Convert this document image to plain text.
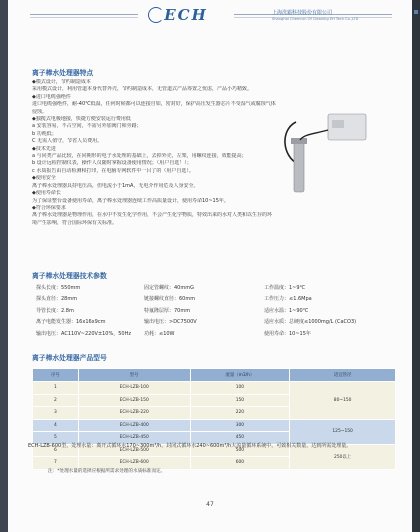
ECH	上海洗霸科技股份有限公司
Shanghai Chemrun Of Cleaning EH Tech Co.,LTD
离子棒水处理器特点
◆模式设计，节约制造成本
采用模式设计，利用管道本身代替外壳，节约制造成本，无管道式产品筹置之忧虑，产品小巧精致。
◆进口电缆强绝件
进口电缆强绝件，耐-40℃低温，任何时候都可以连接自如，密封好，保护高压发生器芯片不受湿气或腐蚀气体
侵蚀。
◆独揽式电极地接，快捷方便安装运行费用低
a 安装容易，不占空间，不需另外加阀门和旁路；
b 功耗低；
C 无需人值守，节省人员费用。
◆技术先进
a 与同类产品比较，在同期形的电子水处理的基础上，去掉外壳，左架，用螺纹连接，效能提高；
b 设计远程控制仪表，操作人员随时掌握设备使用情况；（用户自选！）；
c 水质报告由自动检测和打印，在电脑专网软件中一目了的（用户自选）。
◆使用安全
离子棒水处理器具持电压高，但电流小于1mA，无电介作用危及人身安全。
◆使用寿命长
为了保证整台设备使用寿命，离子棒水处理器连续工作高质量设计，使用寿命10~15年。
◆符合环保要求
离子棒水处理器是物理作用，在水中不发生化学作用，不会产生化学物质，特效出来的水对人类和以生存的环
境产生影响，符合国际环保有关标准。
离子棒水处理器技术参数
探头长度：550mm	固定管螺纹：40mmG	工作温度：1~9℃
探头直径：28mm	链接螺纹直径：60mm	工作压力：≤1.6Mpa
导管长度：2.8m	特氟隆层厚：70mm	适应水温：1~90℃
离子电能发生器：16x16x9cm	输出电压：>DC7500V	适应水质：总硬度≤1000mg/L (CaCO3)
输出电压：AC110V~220V±10%，50Hz	功耗：≤10W	使用寿命：10~15年
离子棒水处理器产品型号
序号	型号	流量（m3/h）	适宜管径
1	ECH-LZB-100	100	80~150
2	ECH-LZB-150	150	
3	ECH-LZB-220	220	
4	ECH-LZB-400	300	125~150
5	ECH-LZB-450	450	
6	ECH-LZB-500	500	250以上
7	ECH-LZB-600	600	
ECH-LZB-600型，处理水量：离开式循环水170~300m³/h，封闭式循环水240~600m³/h大流量循环系统中，可致相关数量，达到所需处理量。
注：*处理水量的选择应根据所需求处理的水质标准而定。
47
